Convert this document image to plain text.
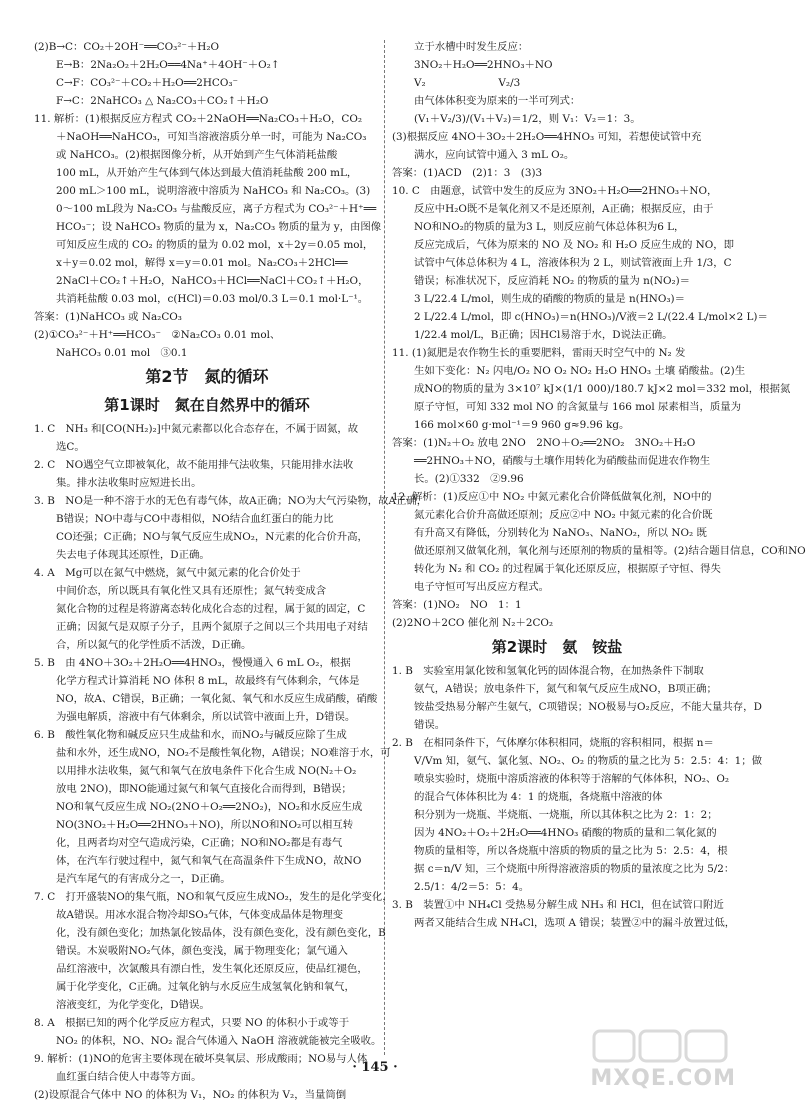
(2)B→C：CO₂＋2OH⁻══CO₃²⁻＋H₂O
E→B：2Na₂O₂＋2H₂O══4Na⁺＋4OH⁻＋O₂↑
C→F：CO₃²⁻＋CO₂＋H₂O══2HCO₃⁻
F→C：2NaHCO₃ △ Na₂CO₃＋CO₂↑＋H₂O
11. 解析：(1)根据反应方程式 CO₂＋2NaOH══Na₂CO₃＋H₂O，CO₂
＋NaOH══NaHCO₃，可知当溶液溶质分单一时，可能为 Na₂CO₃
或 NaHCO₃。(2)根据图像分析，从开始到产生气体消耗盐酸
100 mL，从开始产生气体到气体达到最大值消耗盐酸 200 mL，
200 mL＞100 mL，说明溶液中溶质为 NaHCO₃ 和 Na₂CO₃。(3)
0～100 mL段为 Na₂CO₃ 与盐酸反应，离子方程式为 CO₃²⁻＋H⁺══
HCO₃⁻；设 NaHCO₃ 物质的量为 x，Na₂CO₃ 物质的量为 y，由图像
可知反应生成的 CO₂ 的物质的量为 0.02 mol，x＋2y＝0.05 mol，
x＋y＝0.02 mol，解得 x＝y＝0.01 mol。Na₂CO₃＋2HCl══
2NaCl＋CO₂↑＋H₂O，NaHCO₃＋HCl══NaCl＋CO₂↑＋H₂O，
共消耗盐酸 0.03 mol，c(HCl)＝0.03 mol/0.3 L＝0.1 mol·L⁻¹。
答案：(1)NaHCO₃ 或 Na₂CO₃
(2)①CO₃²⁻＋H⁺══HCO₃⁻　②Na₂CO₃ 0.01 mol、
NaHCO₃ 0.01 mol　③0.1
第2节　氮的循环
第1课时　氮在自然界中的循环
1. C　NH₃ 和[CO(NH₂)₂]中氮元素都以化合态存在，不属于固氮，故
选C。
2. C　NO遇空气立即被氧化，故不能用排气法收集，只能用排水法收
集。排水法收集时应短进长出。
3. B　NO是一种不溶于水的无色有毒气体，故A正确；NO为大气污染物，故A正确，
B错误；NO中毒与CO中毒相似，NO结合血红蛋白的能力比
CO还强；C正确；NO与氧气反应生成NO₂，N元素的化合价升高，
失去电子体现其还原性，D正确。
4. A　Mg可以在氮气中燃烧，氮气中氮元素的化合价处于
中间价态，所以既具有氧化性又具有还原性；氮气转变成含
氮化合物的过程是将游离态转化成化合态的过程，属于氮的固定，C
正确；因氮气是双原子分子，且两个氮原子之间以三个共用电子对结
合，所以氮气的化学性质不活泼，D正确。
5. B　由 4NO＋3O₂＋2H₂O══4HNO₃，慢慢通入 6 mL O₂，根据
化学方程式计算消耗 NO 体积 8 mL，故最终有气体剩余，气体是
NO，故A、C错误，B正确；一氧化氮、氧气和水反应生成硝酸，硝酸
为强电解质，溶液中有气体剩余，所以试管中液面上升，D错误。
6. B　酸性氧化物和碱反应只生成盐和水，而NO₂与碱反应除了生成
盐和水外，还生成NO，NO₂不是酸性氧化物，A错误；NO难溶于水，可
以用排水法收集，氮气和氧气在放电条件下化合生成 NO(N₂＋O₂
放电 2NO)，即NO能通过氮气和氧气直接化合而得到，B错误；
NO和氧气反应生成 NO₂(2NO＋O₂══2NO₂)，NO₂和水反应生成
NO(3NO₂＋H₂O══2HNO₃＋NO)，所以NO和NO₂可以相互转
化，且两者均对空气造成污染，C正确；NO和NO₂都是有毒气
体，在汽车行驶过程中，氮气和氧气在高温条件下生成NO，故NO
是汽车尾气的有害成分之一，D正确。
7. C　打开盛装NO的集气瓶，NO和氧气反应生成NO₂，发生的是化学变化，
故A错误。用冰水混合物冷却SO₃气体，气体变成晶体是物理变
化，没有颜色变化；加热氯化铵晶体，没有颜色变化，没有颜色变化，B
错误。木炭吸附NO₂气体，颜色变浅，属于物理变化；氯气通入
品红溶液中，次氯酸具有漂白性，发生氧化还原反应，使品红褪色，
属于化学变化，C正确。过氧化钠与水反应生成氢氧化钠和氧气，
溶液变红，为化学变化，D错误。
8. A　根据已知的两个化学反应方程式，只要 NO 的体积小于或等于
NO₂ 的体积，NO、NO₂ 混合气体通入 NaOH 溶液就能被完全吸收。
9. 解析：(1)NO的危害主要体现在破坏臭氧层、形成酸雨；NO易与人体
血红蛋白结合使人中毒等方面。
(2)设原混合气体中 NO 的体积为 V₁，NO₂ 的体积为 V₂，当量筒倒
立于水槽中时发生反应：
3NO₂＋H₂O══2HNO₃＋NO
V₂　　　　　　　V₂/3
由气体体积变为原来的一半可列式：
(V₁＋V₂/3)/(V₁＋V₂)＝1/2，则 V₁：V₂＝1：3。
(3)根据反应 4NO＋3O₂＋2H₂O══4HNO₃ 可知，若想使试管中充
满水，应向试管中通入 3 mL O₂。
答案：(1)ACD　(2)1：3　(3)3
10. C　由题意，试管中发生的反应为 3NO₂＋H₂O══2HNO₃＋NO，
反应中H₂O既不是氧化剂又不是还原剂，A正确；根据反应，由于
NO和NO₂的物质的量为3 L，则反应前气体总体积为6 L，
反应完成后，气体为原来的 NO 及 NO₂ 和 H₂O 反应生成的 NO，即
试管中气体总体积为 4 L，溶液体积为 2 L，则试管液面上升 1/3，C
错误；标准状况下，反应消耗 NO₂ 的物质的量为 n(NO₂)＝
3 L/22.4 L/mol，则生成的硝酸的物质的量是 n(HNO₃)＝
2 L/22.4 L/mol，即 c(HNO₃)＝n(HNO₃)/V液＝2 L/(22.4 L/mol×2 L)＝
1/22.4 mol/L，B正确；因HCl易溶于水，D说法正确。
11. (1)氮肥是农作物生长的重要肥料，雷雨天时空气中的 N₂ 发
生如下变化：N₂ 闪电/O₂ NO O₂ NO₂ H₂O HNO₃ 土壤 硝酸盐。(2)生
成NO的物质的量为 3×10⁷ kJ×(1/1 000)/180.7 kJ×2 mol＝332 mol，根据氮
原子守恒，可知 332 mol NO 的含氮量与 166 mol 尿素相当，质量为
166 mol×60 g·mol⁻¹＝9 960 g≈9.96 kg。
答案：(1)N₂＋O₂ 放电 2NO　2NO＋O₂══2NO₂　3NO₂＋H₂O
══2HNO₃＋NO，硝酸与土壤作用转化为硝酸盐而促进农作物生
长。(2)①332　②9.96
12. 解析：(1)反应①中 NO₂ 中氮元素化合价降低做氧化剂，NO中的
氮元素化合价升高做还原剂；反应②中 NO₂ 中氮元素的化合价既
有升高又有降低，分别转化为 NaNO₃、NaNO₂，所以 NO₂ 既
做还原剂又做氧化剂，氧化剂与还原剂的物质的量相等。(2)结合题目信息，CO和NO
转化为 N₂ 和 CO₂ 的过程属于氧化还原反应，根据原子守恒、得失
电子守恒可写出反应方程式。
答案：(1)NO₂　NO　1：1
(2)2NO＋2CO 催化剂 N₂＋2CO₂
第2课时　氨　铵盐
1. B　实验室用氯化铵和氢氧化钙的固体混合物，在加热条件下制取
氨气，A错误；放电条件下，氮气和氧气反应生成NO，B项正确；
铵盐受热易分解产生氨气，C项错误；NO极易与O₂反应，不能大量共存，D
错误。
2. B　在相同条件下，气体摩尔体积相同，烧瓶的容积相同，根据 n＝
V/Vm 知，氨气、氯化氢、NO₂、O₂ 的物质的量之比为 5：2.5：4：1；做
喷泉实验时，烧瓶中溶质溶液的体积等于溶解的气体体积，NO₂、O₂
的混合气体体积比为 4：1 的烧瓶，各烧瓶中溶液的体
积分别为一烧瓶、半烧瓶、一烧瓶，所以其体积之比为 2：1：2；
因为 4NO₂＋O₂＋2H₂O══4HNO₃ 硝酸的物质的量和二氧化氮的
物质的量相等，所以各烧瓶中溶质的物质的量之比为 5：2.5：4，根
据 c＝n/V 知，三个烧瓶中所得溶液溶质的物质的量浓度之比为 5/2：
2.5/1：4/2＝5：5：4。
3. B　装置①中 NH₄Cl 受热易分解生成 NH₃ 和 HCl，但在试管口附近
两者又能结合生成 NH₄Cl，选项 A 错误；装置②中的漏斗放置过低，
· 145 ·	MXQE.COM
